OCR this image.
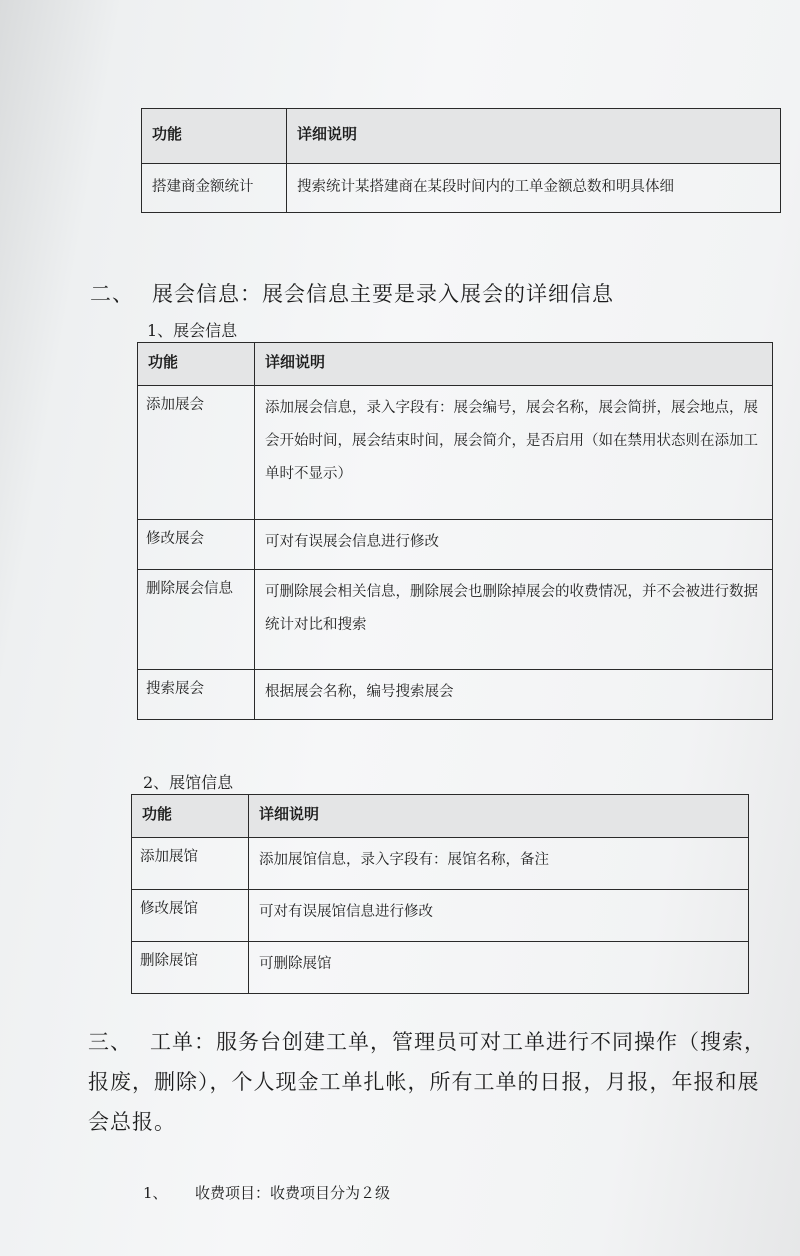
功能	详细说明
搭建商金额统计	搜索统计某搭建商在某段时间内的工单金额总数和明具体细
二、 展会信息：展会信息主要是录入展会的详细信息
1、展会信息
功能	详细说明
添加展会	添加展会信息，录入字段有：展会编号，展会名称，展会简拼，展会地点，展会开始时间，展会结束时间，展会简介，是否启用（如在禁用状态则在添加工单时不显示）
修改展会	可对有误展会信息进行修改
删除展会信息	可删除展会相关信息，删除展会也删除掉展会的收费情况，并不会被进行数据统计对比和搜索
搜索展会	根据展会名称，编号搜索展会
2、展馆信息
功能	详细说明
添加展馆	添加展馆信息，录入字段有：展馆名称，备注
修改展馆	可对有误展馆信息进行修改
删除展馆	可删除展馆
三、 工单：服务台创建工单，管理员可对工单进行不同操作（搜索，报废，删除），个人现金工单扎帐，所有工单的日报，月报，年报和展会总报。
1、 收费项目：收费项目分为２级
